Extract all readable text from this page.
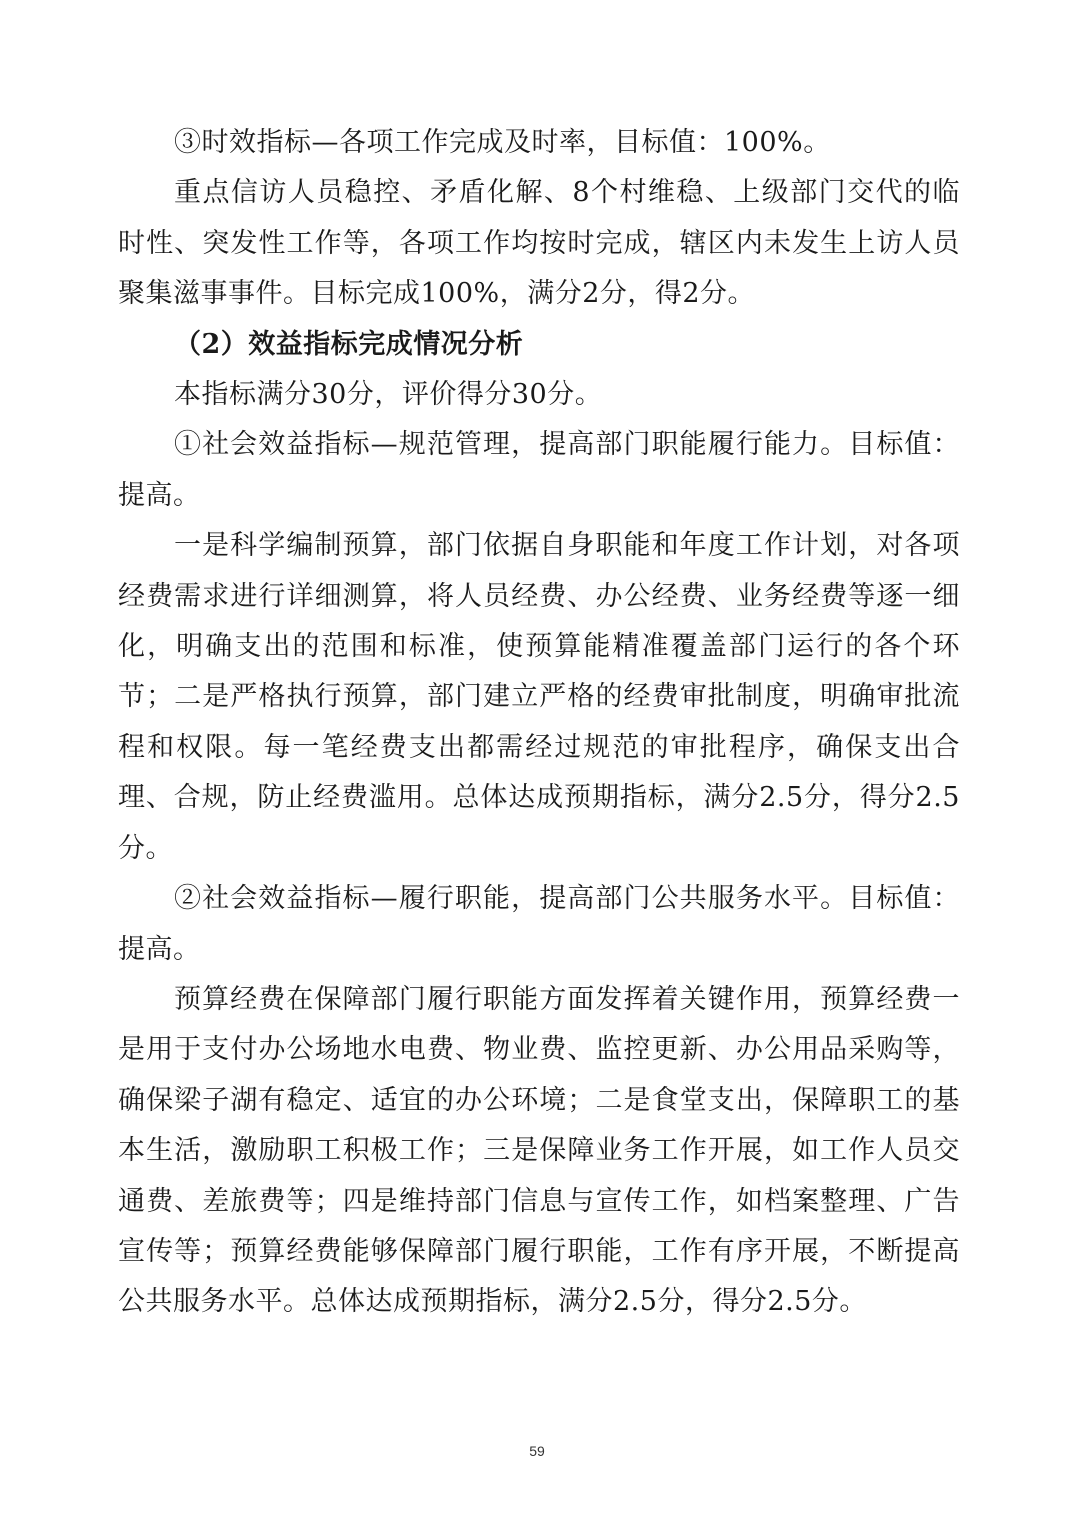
③时效指标—各项工作完成及时率，目标值：100%。

重点信访人员稳控、矛盾化解、8个村维稳、上级部门交代的临时性、突发性工作等，各项工作均按时完成，辖区内未发生上访人员聚集滋事事件。目标完成100%，满分2分，得2分。

（2）效益指标完成情况分析

本指标满分30分，评价得分30分。

①社会效益指标—规范管理，提高部门职能履行能力。目标值：提高。

一是科学编制预算，部门依据自身职能和年度工作计划，对各项经费需求进行详细测算，将人员经费、办公经费、业务经费等逐一细化，明确支出的范围和标准，使预算能精准覆盖部门运行的各个环节；二是严格执行预算，部门建立严格的经费审批制度，明确审批流程和权限。每一笔经费支出都需经过规范的审批程序，确保支出合理、合规，防止经费滥用。总体达成预期指标，满分2.5分，得分2.5分。

②社会效益指标—履行职能，提高部门公共服务水平。目标值：提高。

预算经费在保障部门履行职能方面发挥着关键作用，预算经费一是用于支付办公场地水电费、物业费、监控更新、办公用品采购等，确保梁子湖有稳定、适宜的办公环境；二是食堂支出，保障职工的基本生活，激励职工积极工作；三是保障业务工作开展，如工作人员交通费、差旅费等；四是维持部门信息与宣传工作，如档案整理、广告宣传等；预算经费能够保障部门履行职能，工作有序开展，不断提高公共服务水平。总体达成预期指标，满分2.5分，得分2.5分。

59
